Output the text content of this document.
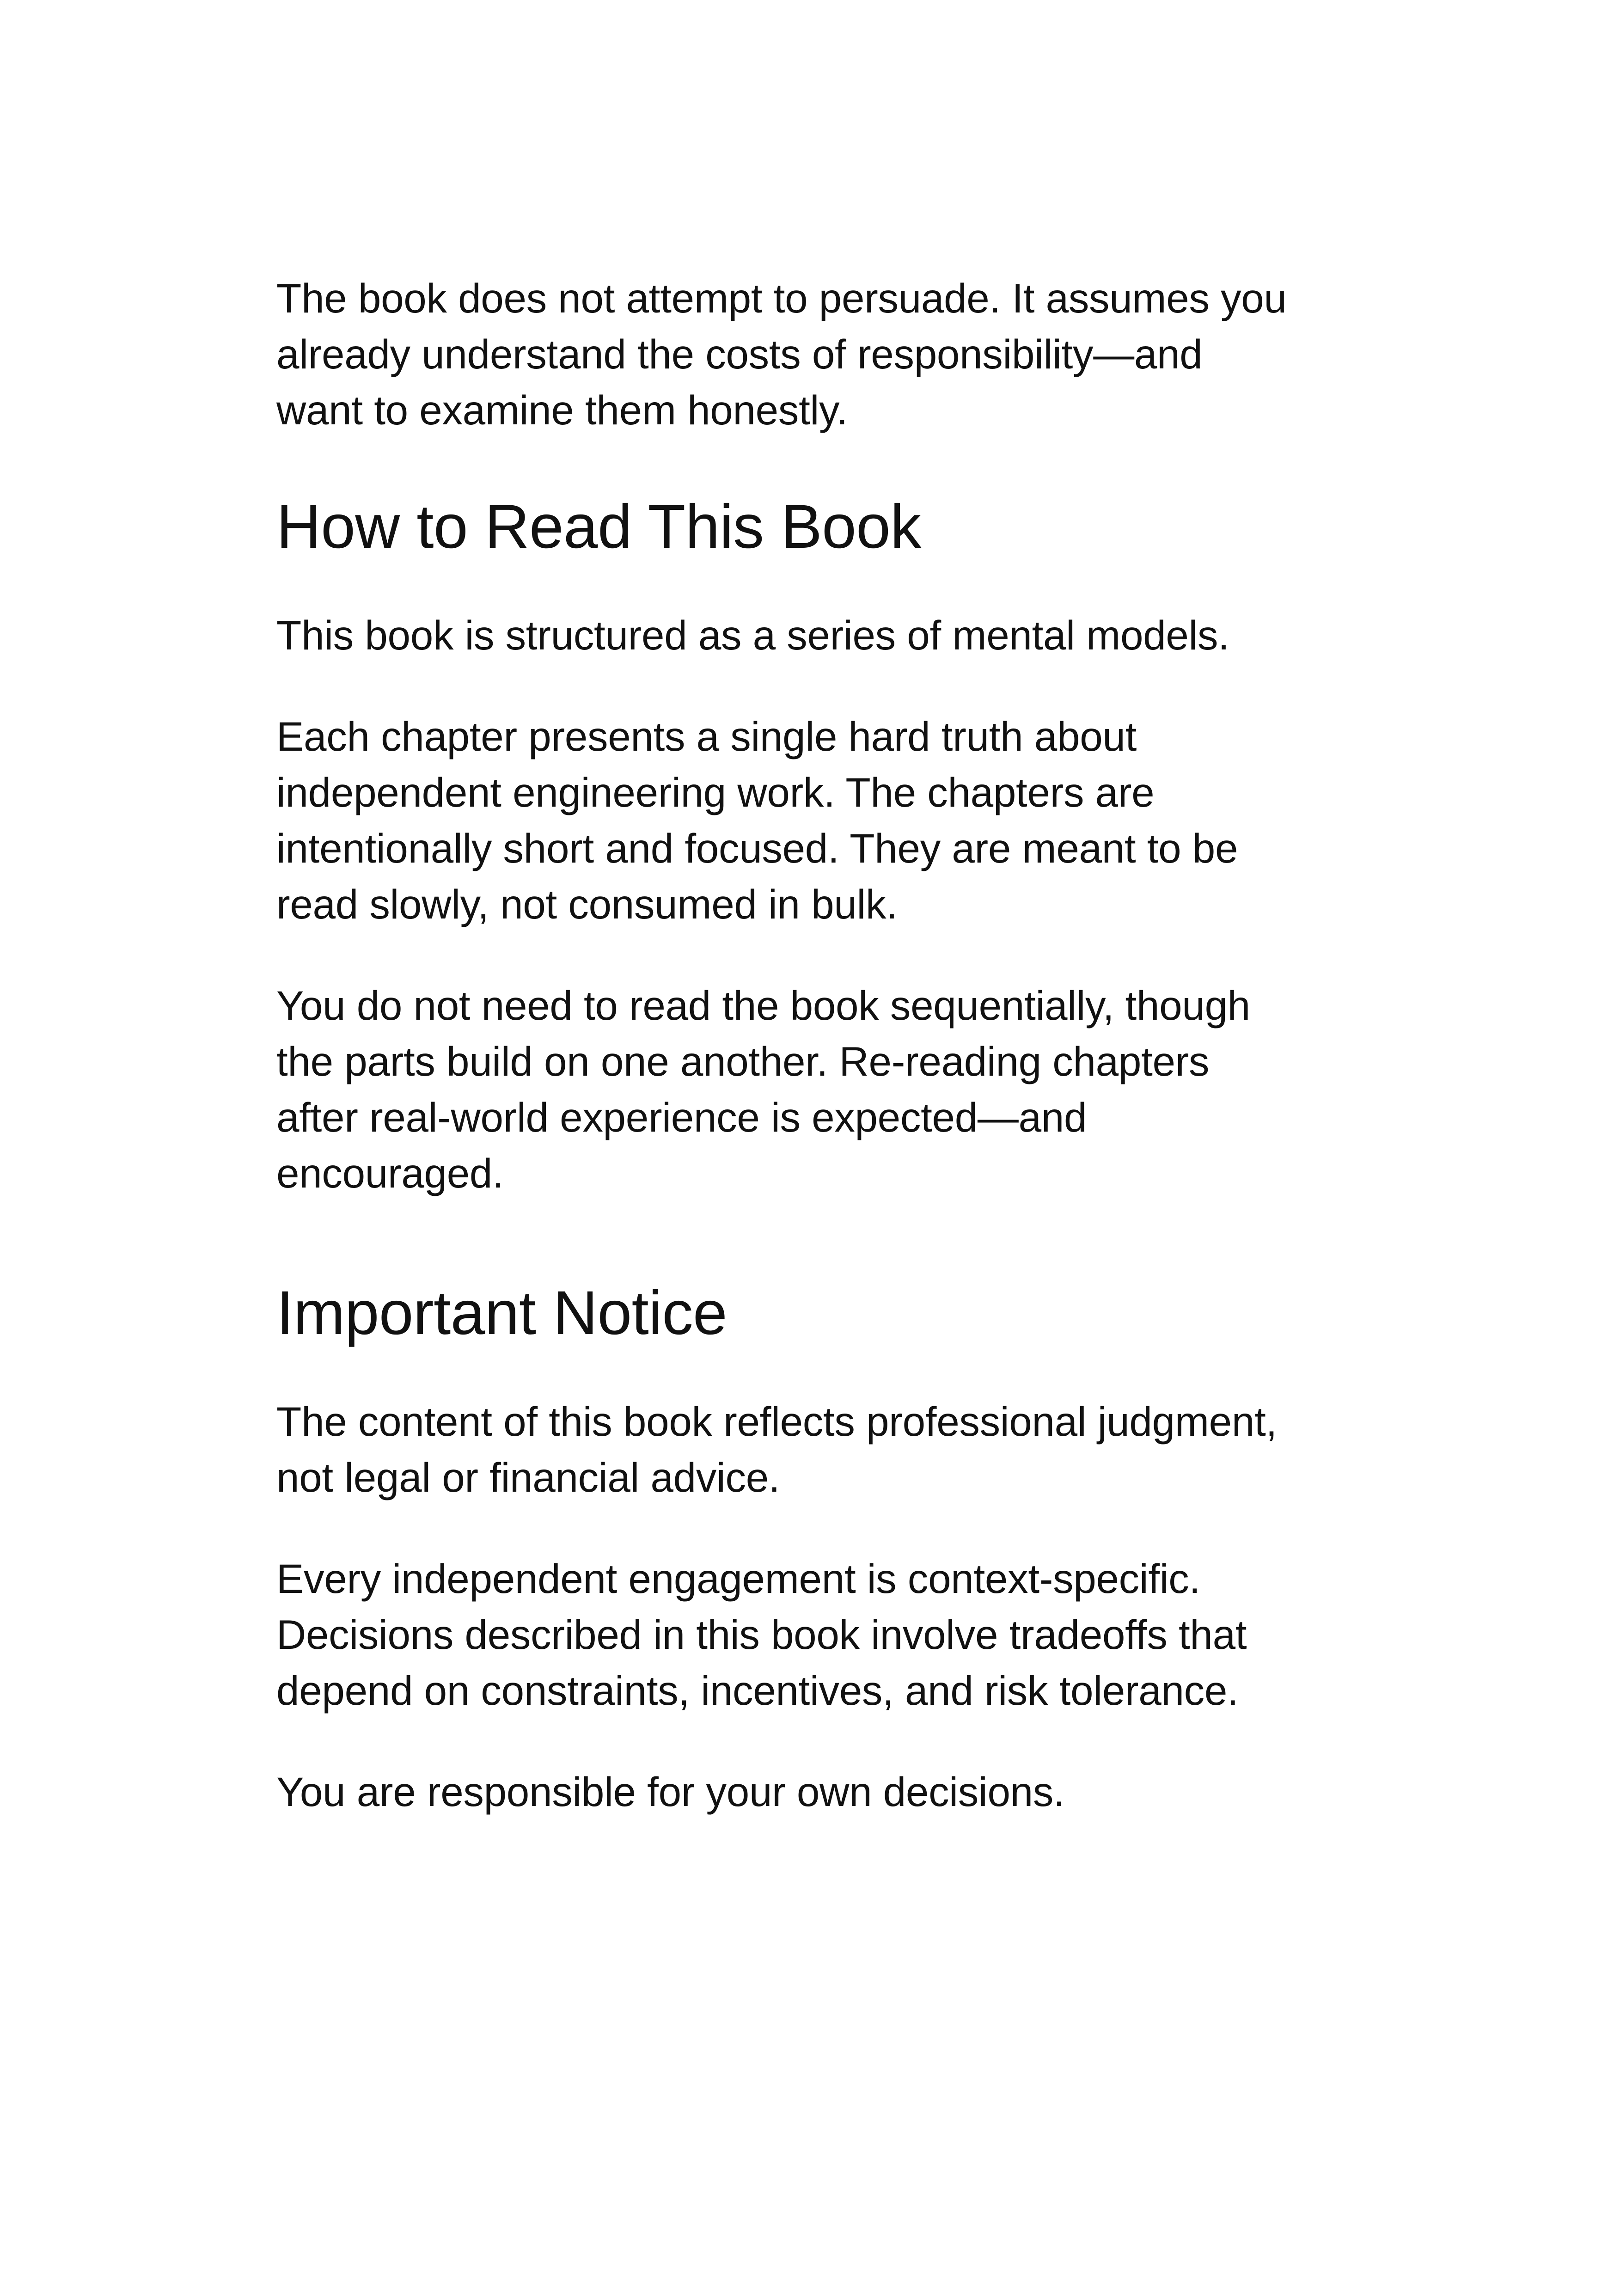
The book does not attempt to persuade. It assumes you
already understand the costs of responsibility—and
want to examine them honestly.

How to Read This Book

This book is structured as a series of mental models.

Each chapter presents a single hard truth about
independent engineering work. The chapters are
intentionally short and focused. They are meant to be
read slowly, not consumed in bulk.

You do not need to read the book sequentially, though
the parts build on one another. Re-reading chapters
after real-world experience is expected—and
encouraged.

Important Notice

The content of this book reflects professional judgment,
not legal or financial advice.

Every independent engagement is context-specific.
Decisions described in this book involve tradeoffs that
depend on constraints, incentives, and risk tolerance.

You are responsible for your own decisions.
